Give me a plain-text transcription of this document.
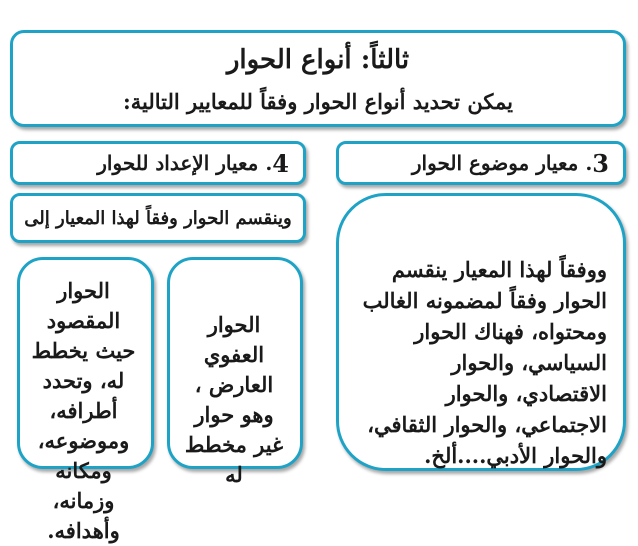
ثالثاً: أنواع الحوار
يمكن تحديد أنواع الحوار وفقاً للمعايير التالية:
3
. معيار موضوع الحوار
4
. معيار الإعداد للحوار
وينقسم الحوار وفقاً لهذا المعيار إلى
ووفقاً لهذا المعيار ينقسم الحوار وفقاً لمضمونه الغالب ومحتواه، فهناك الحوار السياسي، والحوار الاقتصادي، والحوار الاجتماعي، والحوار الثقافي، والحوار الأدبي....ألخ.
الحوار العفوي العارض ، وهو حوار غير مخطط له
الحوار المقصود حيث يخطط له، وتحدد أطرافه، وموضوعه، ومكانه وزمانه، وأهدافه.
